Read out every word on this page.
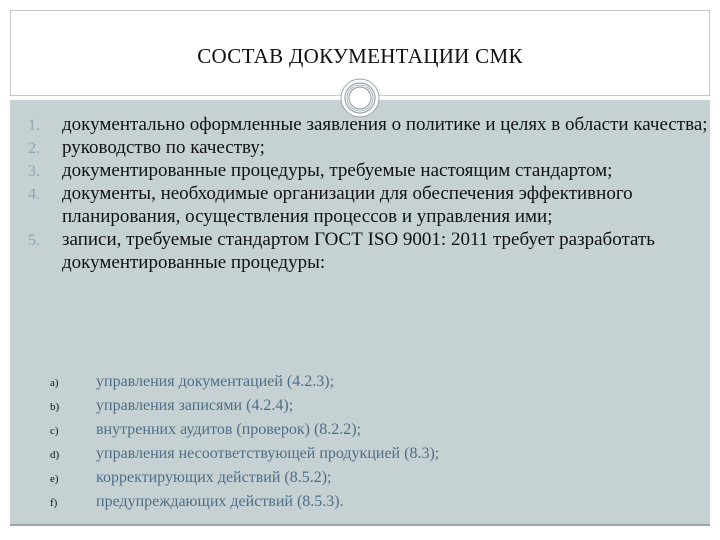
СОСТАВ ДОКУМЕНТАЦИИ СМК
1. документально оформленные заявления о политике и целях в области качества;
2. руководство по качеству;
3. документированные процедуры, требуемые настоящим стандартом;
4. документы, необходимые организации для обеспечения эффективного планирования, осуществления процессов и управления ими;
5. записи, требуемые стандартом ГОСТ ISO 9001: 2011 требует разработать документированные процедуры:
a) управления документацией (4.2.3);
b) управления записями (4.2.4);
c) внутренних аудитов (проверок) (8.2.2);
d) управления несоответствующей продукцией (8.3);
e) корректирующих действий (8.5.2);
f) предупреждающих действий (8.5.3).
